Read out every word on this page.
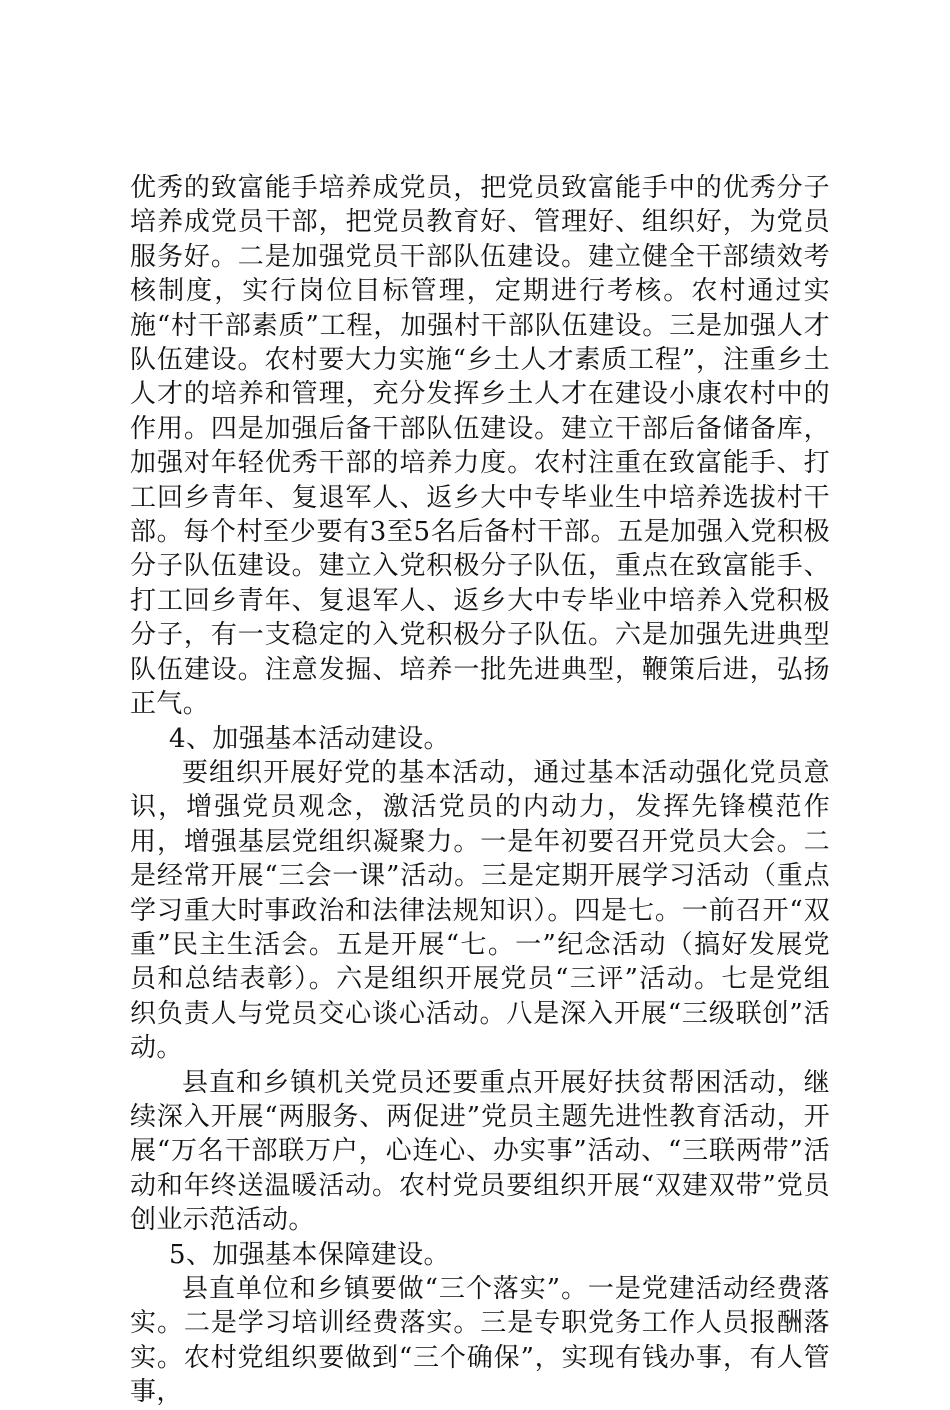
优秀的致富能手培养成党员，把党员致富能手中的优秀分子培养成党员干部，把党员教育好、管理好、组织好，为党员服务好。二是加强党员干部队伍建设。建立健全干部绩效考核制度，实行岗位目标管理，定期进行考核。农村通过实施“村干部素质”工程，加强村干部队伍建设。三是加强人才队伍建设。农村要大力实施“乡土人才素质工程”，注重乡土人才的培养和管理，充分发挥乡土人才在建设小康农村中的作用。四是加强后备干部队伍建设。建立干部后备储备库，加强对年轻优秀干部的培养力度。农村注重在致富能手、打工回乡青年、复退军人、返乡大中专毕业生中培养选拔村干部。每个村至少要有3至5名后备村干部。五是加强入党积极分子队伍建设。建立入党积极分子队伍，重点在致富能手、打工回乡青年、复退军人、返乡大中专毕业中培养入党积极分子，有一支稳定的入党积极分子队伍。六是加强先进典型队伍建设。注意发掘、培养一批先进典型，鞭策后进，弘扬正气。

4、加强基本活动建设。

要组织开展好党的基本活动，通过基本活动强化党员意识，增强党员观念，激活党员的内动力，发挥先锋模范作用，增强基层党组织凝聚力。一是年初要召开党员大会。二是经常开展“三会一课”活动。三是定期开展学习活动（重点学习重大时事政治和法律法规知识）。四是七。一前召开“双重”民主生活会。五是开展“七。一”纪念活动（搞好发展党员和总结表彰）。六是组织开展党员“三评”活动。七是党组织负责人与党员交心谈心活动。八是深入开展“三级联创”活动。

县直和乡镇机关党员还要重点开展好扶贫帮困活动，继续深入开展“两服务、两促进”党员主题先进性教育活动，开展“万名干部联万户，心连心、办实事”活动、“三联两带”活动和年终送温暖活动。农村党员要组织开展“双建双带”党员创业示范活动。

5、加强基本保障建设。

县直单位和乡镇要做“三个落实”。一是党建活动经费落实。二是学习培训经费落实。三是专职党务工作人员报酬落实。农村党组织要做到“三个确保”，实现有钱办事，有人管事，
